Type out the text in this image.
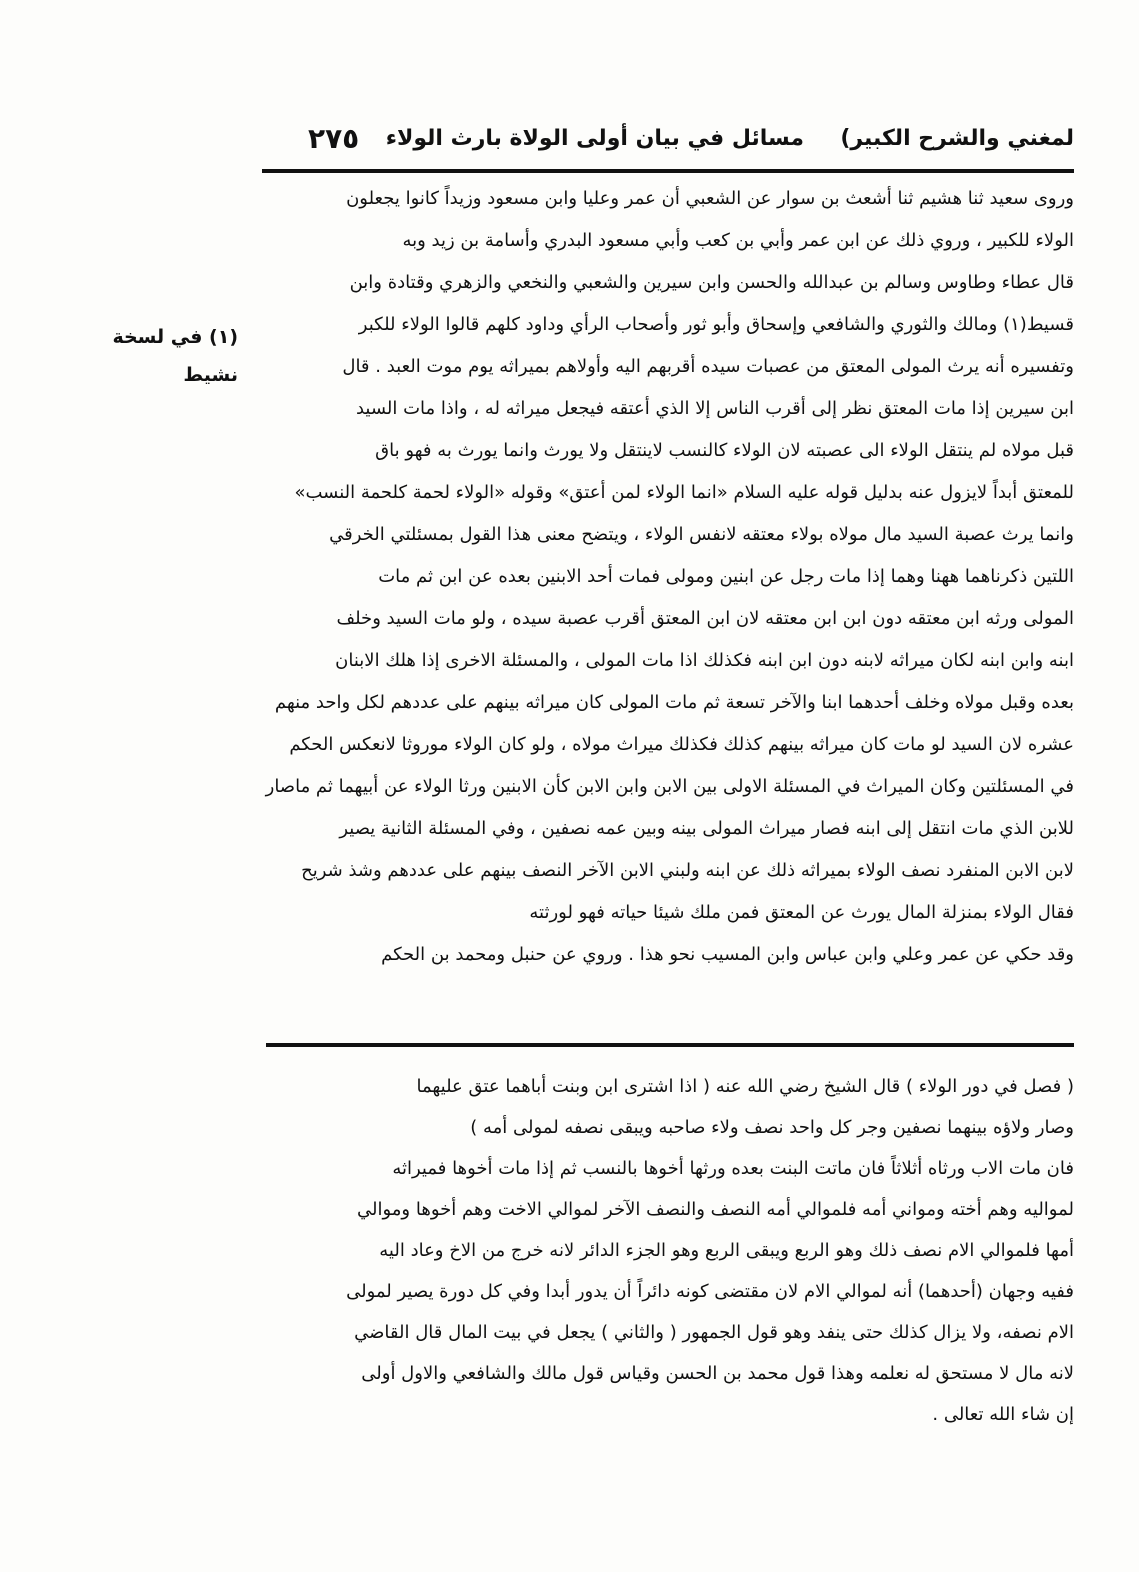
لمغني والشرح الكبير)
مسائل في بيان أولى الولاة بارث الولاء
٢٧٥
(١) في لسخة
نشيط
وروى سعيد ثنا هشيم ثنا أشعث بن سوار عن الشعبي أن عمر وعليا وابن مسعود وزيداً كانوا يجعلون
الولاء للكبير ، وروي ذلك عن ابن عمر وأبي بن كعب وأبي مسعود البدري وأسامة بن زيد وبه
قال عطاء وطاوس وسالم بن عبدالله والحسن وابن سيرين والشعبي والنخعي والزهري وقتادة وابن
قسيط(١) ومالك والثوري والشافعي وإسحاق وأبو ثور وأصحاب الرأي وداود كلهم قالوا الولاء للكبر
وتفسيره أنه يرث المولى المعتق من عصبات سيده أقربهم اليه وأولاهم بميراثه يوم موت العبد . قال
ابن سيرين إذا مات المعتق نظر إلى أقرب الناس إلا الذي أعتقه فيجعل ميراثه له ، واذا مات السيد
قبل مولاه لم ينتقل الولاء الى عصبته لان الولاء كالنسب لاينتقل ولا يورث وانما يورث به فهو باق
للمعتق أبداً لايزول عنه بدليل قوله عليه السلام «انما الولاء لمن أعتق» وقوله «الولاء لحمة كلحمة النسب»
وانما يرث عصبة السيد مال مولاه بولاء معتقه لانفس الولاء ، ويتضح معنى هذا القول بمسئلتي الخرقي
اللتين ذكرناهما ههنا وهما إذا مات رجل عن ابنين ومولى فمات أحد الابنين بعده عن ابن ثم مات
المولى ورثه ابن معتقه دون ابن ابن معتقه لان ابن المعتق أقرب عصبة سيده ، ولو مات السيد وخلف
ابنه وابن ابنه لكان ميراثه لابنه دون ابن ابنه فكذلك اذا مات المولى ، والمسئلة الاخرى إذا هلك الابنان
بعده وقبل مولاه وخلف أحدهما ابنا والآخر تسعة ثم مات المولى كان ميراثه بينهم على عددهم لكل واحد منهم
عشره لان السيد لو مات كان ميراثه بينهم كذلك فكذلك ميراث مولاه ، ولو كان الولاء موروثا لانعكس الحكم
في المسئلتين وكان الميراث في المسئلة الاولى بين الابن وابن الابن كأن الابنين ورثا الولاء عن أبيهما ثم ماصار
للابن الذي مات انتقل إلى ابنه فصار ميراث المولى بينه وبين عمه نصفين ، وفي المسئلة الثانية يصير
لابن الابن المنفرد نصف الولاء بميراثه ذلك عن ابنه ولبني الابن الآخر النصف بينهم على عددهم وشذ شريح
فقال الولاء بمنزلة المال يورث عن المعتق فمن ملك شيئا حياته فهو لورثته
وقد حكي عن عمر وعلي وابن عباس وابن المسيب نحو هذا . وروي عن حنبل ومحمد بن الحكم
( فصل في دور الولاء ) قال الشيخ رضي الله عنه ( اذا اشترى ابن وبنت أباهما عتق عليهما
وصار ولاؤه بينهما نصفين وجر كل واحد نصف ولاء صاحبه ويبقى نصفه لمولى أمه )
فان مات الاب ورثاه أثلاثاً فان ماتت البنت بعده ورثها أخوها بالنسب ثم إذا مات أخوها فميراثه
لمواليه وهم أخته ومواني أمه فلموالي أمه النصف والنصف الآخر لموالي الاخت وهم أخوها وموالي
أمها فلموالي الام نصف ذلك وهو الربع ويبقى الربع وهو الجزء الدائر لانه خرج من الاخ وعاد اليه
ففيه وجهان (أحدهما) أنه لموالي الام لان مقتضى كونه دائراً أن يدور أبدا وفي كل دورة يصير لمولى
الام نصفه، ولا يزال كذلك حتى ينفد وهو قول الجمهور ( والثاني ) يجعل في بيت المال قال القاضي
لانه مال لا مستحق له نعلمه وهذا قول محمد بن الحسن وقياس قول مالك والشافعي والاول أولى
إن شاء الله تعالى .
